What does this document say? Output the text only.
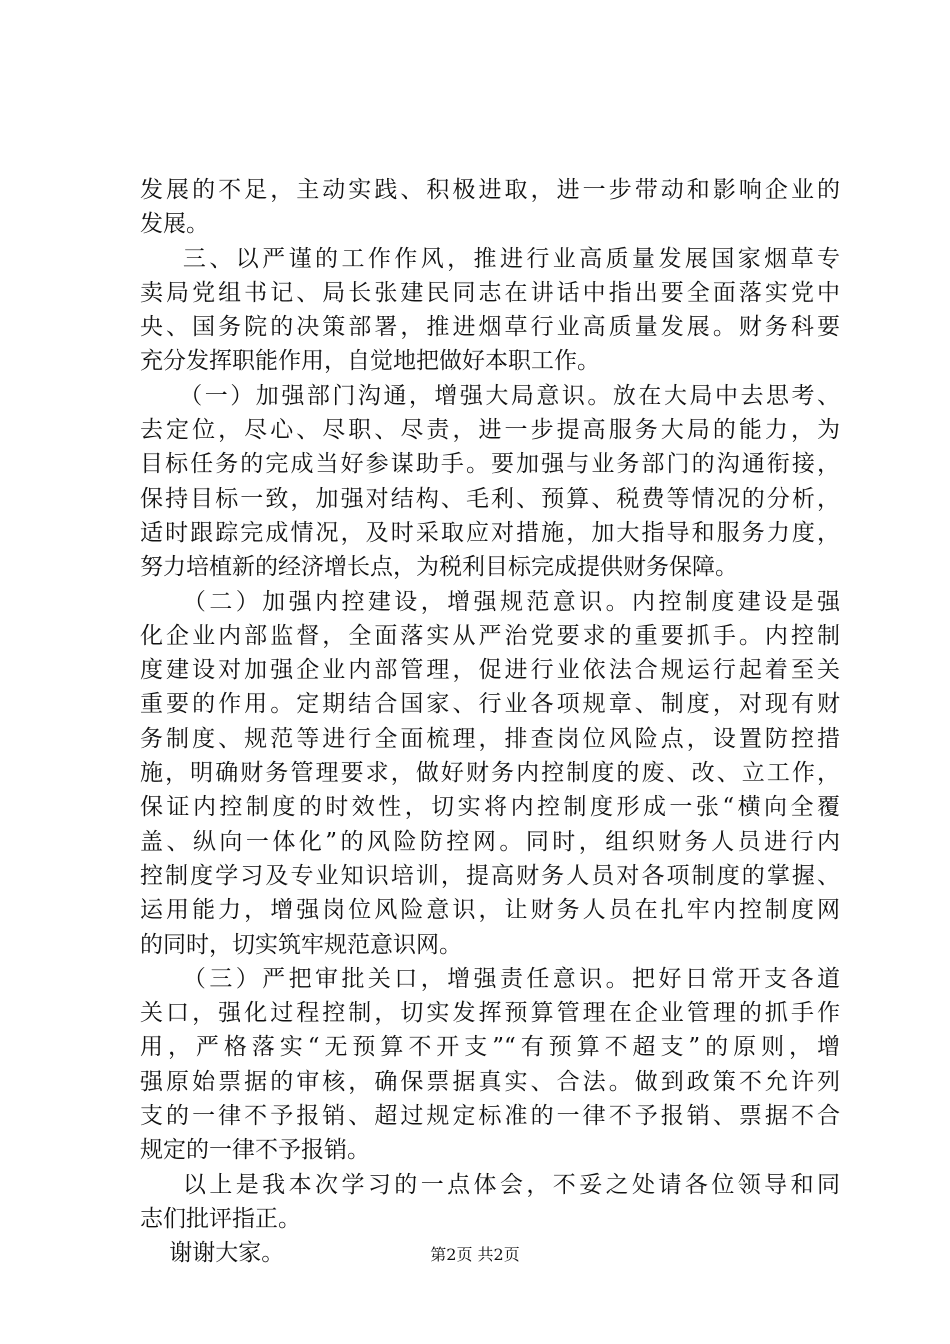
发展的不足，主动实践、积极进取，进一步带动和影响企业的
发展。
三、以严谨的工作作风，推进行业高质量发展国家烟草专
卖局党组书记、局长张建民同志在讲话中指出要全面落实党中
央、国务院的决策部署，推进烟草行业高质量发展。财务科要
充分发挥职能作用，自觉地把做好本职工作。
（一）加强部门沟通，增强大局意识。放在大局中去思考、
去定位，尽心、尽职、尽责，进一步提高服务大局的能力，为
目标任务的完成当好参谋助手。要加强与业务部门的沟通衔接，
保持目标一致，加强对结构、毛利、预算、税费等情况的分析，
适时跟踪完成情况，及时采取应对措施，加大指导和服务力度，
努力培植新的经济增长点，为税利目标完成提供财务保障。
（二）加强内控建设，增强规范意识。内控制度建设是强
化企业内部监督，全面落实从严治党要求的重要抓手。内控制
度建设对加强企业内部管理，促进行业依法合规运行起着至关
重要的作用。定期结合国家、行业各项规章、制度，对现有财
务制度、规范等进行全面梳理，排查岗位风险点，设置防控措
施，明确财务管理要求，做好财务内控制度的废、改、立工作，
保证内控制度的时效性，切实将内控制度形成一张“横向全覆
盖、纵向一体化”的风险防控网。同时，组织财务人员进行内
控制度学习及专业知识培训，提高财务人员对各项制度的掌握、
运用能力，增强岗位风险意识，让财务人员在扎牢内控制度网
的同时，切实筑牢规范意识网。
（三）严把审批关口，增强责任意识。把好日常开支各道
关口，强化过程控制，切实发挥预算管理在企业管理的抓手作
用，严格落实“无预算不开支”“有预算不超支”的原则，增
强原始票据的审核，确保票据真实、合法。做到政策不允许列
支的一律不予报销、超过规定标准的一律不予报销、票据不合
规定的一律不予报销。
以上是我本次学习的一点体会，不妥之处请各位领导和同
志们批评指正。
谢谢大家。	第2页 共2页
